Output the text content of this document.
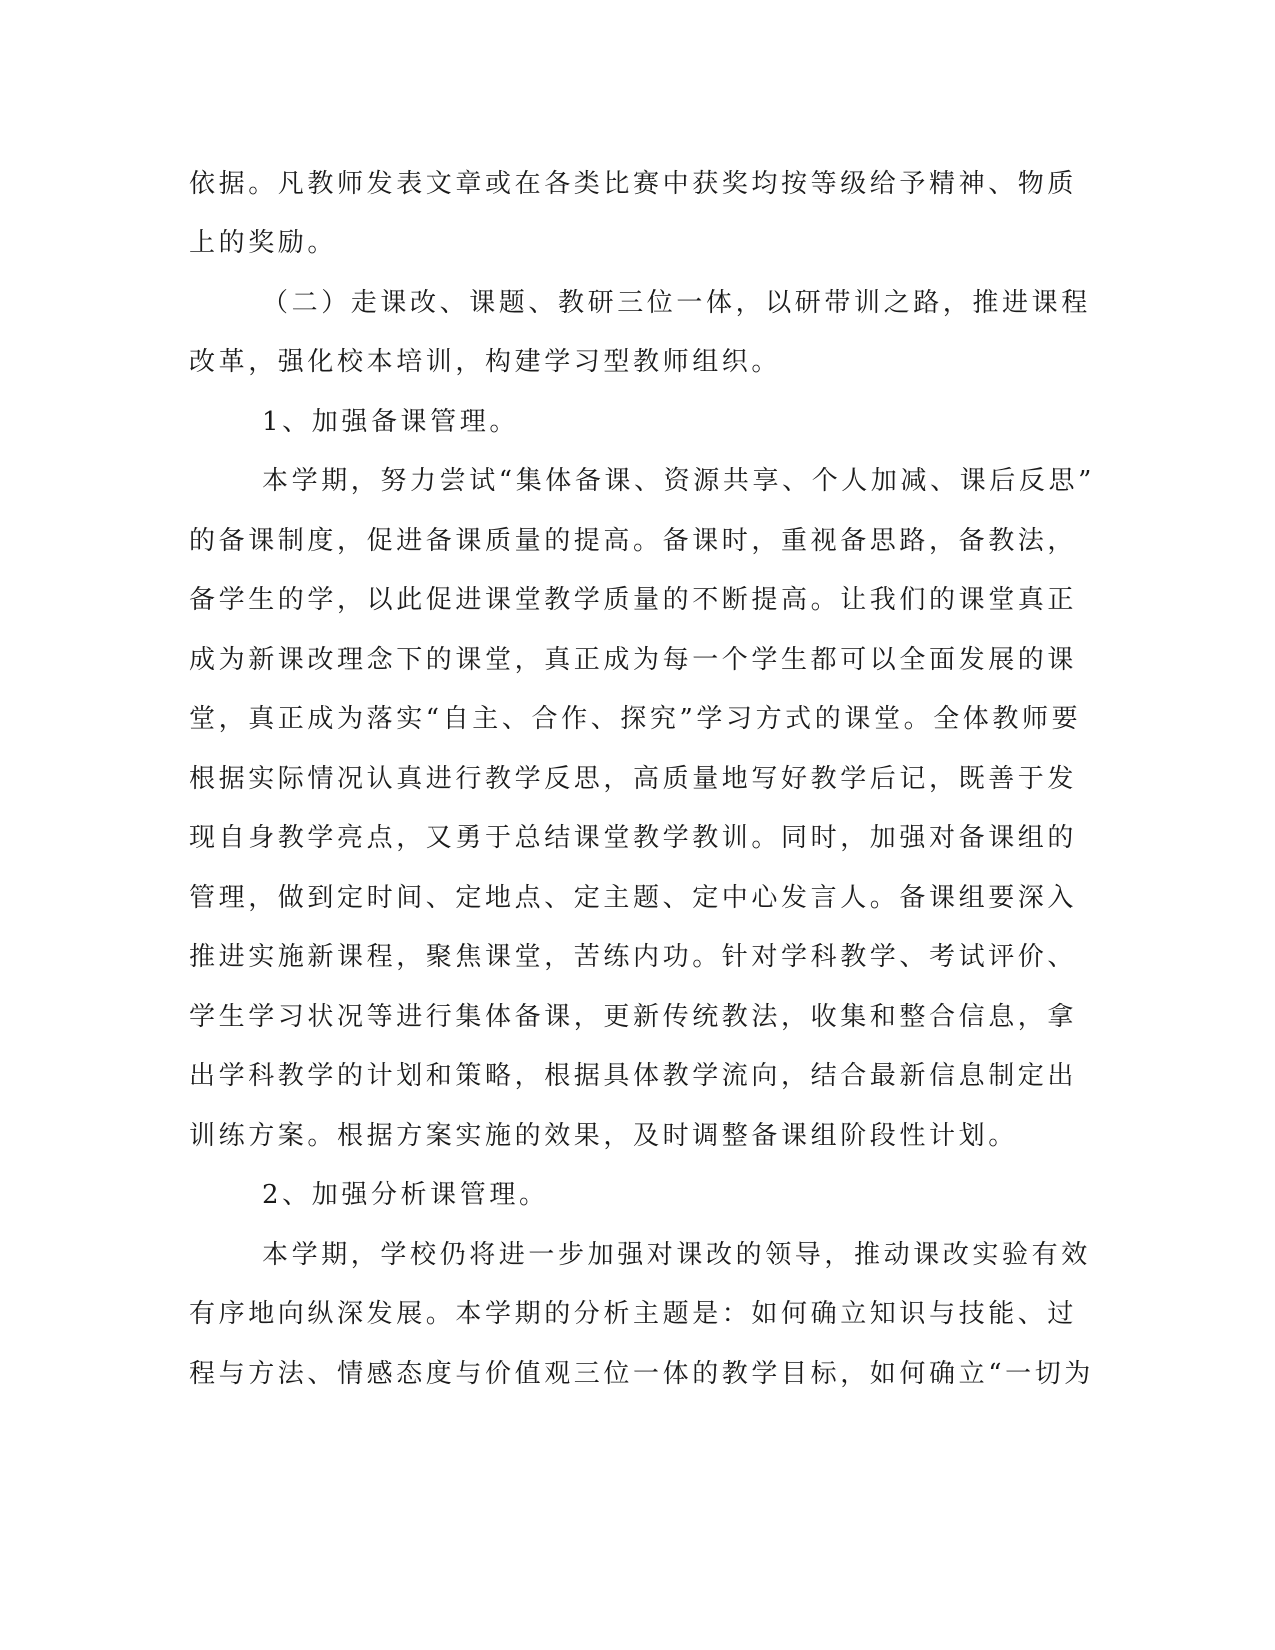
依据。凡教师发表文章或在各类比赛中获奖均按等级给予精神、物质
上的奖励。
（二）走课改、课题、教研三位一体，以研带训之路，推进课程
改革，强化校本培训，构建学习型教师组织。
1、加强备课管理。
本学期，努力尝试“集体备课、资源共享、个人加减、课后反思”
的备课制度，促进备课质量的提高。备课时，重视备思路，备教法，
备学生的学，以此促进课堂教学质量的不断提高。让我们的课堂真正
成为新课改理念下的课堂，真正成为每一个学生都可以全面发展的课
堂，真正成为落实“自主、合作、探究”学习方式的课堂。全体教师要
根据实际情况认真进行教学反思，高质量地写好教学后记，既善于发
现自身教学亮点，又勇于总结课堂教学教训。同时，加强对备课组的
管理，做到定时间、定地点、定主题、定中心发言人。备课组要深入
推进实施新课程，聚焦课堂，苦练内功。针对学科教学、考试评价、
学生学习状况等进行集体备课，更新传统教法，收集和整合信息，拿
出学科教学的计划和策略，根据具体教学流向，结合最新信息制定出
训练方案。根据方案实施的效果，及时调整备课组阶段性计划。
2、加强分析课管理。
本学期，学校仍将进一步加强对课改的领导，推动课改实验有效
有序地向纵深发展。本学期的分析主题是：如何确立知识与技能、过
程与方法、情感态度与价值观三位一体的教学目标，如何确立“一切为
